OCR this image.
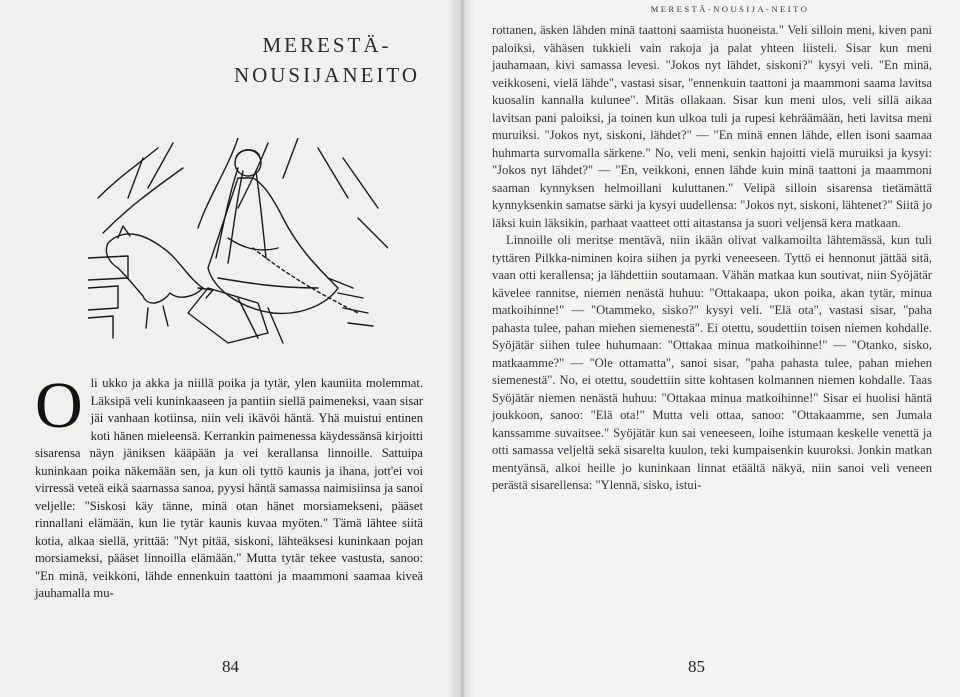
MERESTÄ-
NOUSIJANEITO
O li ukko ja akka ja niillä poika ja tytär, ylen kauniita molemmat. Läksipä veli kuninkaaseen ja pantiin siellä paimeneksi, vaan sisar jäi vanhaan kotiinsa, niin veli ikävöi häntä. Yhä muistui entinen koti hänen mieleensä. Kerrankin paimenessa käydessänsä kirjoitti sisarensa näyn jäniksen kääpään ja vei kerallansa linnoille. Sattuipa kuninkaan poika näkemään sen, ja kun oli tyttö kaunis ja ihana, jott'ei voi virressä veteä eikä saarnassa sanoa, pyysi häntä samassa naimisiinsa ja sanoi veljelle: "Siskosi käy tänne, minä otan hänet morsiamekseni, pääset rinnallani elämään, kun lie tytär kaunis kuvaa myöten." Tämä lähtee siitä kotia, alkaa siellä, yrittää: "Nyt pitää, siskoni, lähteäksesi kuninkaan pojan morsiameksi, pääset linnoilla elämään." Mutta tytär tekee vastusta, sanoo: "En minä, veikkoni, lähde ennenkuin taattoni ja maammoni saamaa kiveä jauhamalla mu-

84
MERESTÄ-NOUSIJA-NEITO

rottanen, äsken lähden minä taattoni saamista huoneista." Veli silloin meni, kiven pani paloiksi, vähäsen tukkieli vain rakoja ja palat yhteen liisteli. Sisar kun meni jauhamaan, kivi samassa levesi. "Jokos nyt lähdet, siskoni?" kysyi veli. "En minä, veikkoseni, vielä lähde", vastasi sisar, "ennenkuin taattoni ja maammoni saama lavitsa kuosalin kannalla kulunee". Mitäs ollakaan. Sisar kun meni ulos, veli sillä aikaa lavitsan pani paloiksi, ja toinen kun ulkoa tuli ja rupesi kehräämään, heti lavitsa meni muruiksi. "Jokos nyt, siskoni, lähdet?" — "En minä ennen lähde, ellen isoni saamaa huhmarta survomalla särkene." No, veli meni, senkin hajoitti vielä muruiksi ja kysyi: "Jokos nyt lähdet?" — "En, veikkoni, ennen lähde kuin minä taattoni ja maammoni saaman kynnyksen helmoillani kuluttanen." Velipä silloin sisarensa tietämättä kynnyksenkin samatse särki ja kysyi uudellensa: "Jokos nyt, siskoni, lähtenet?" Siitä jo läksi kuin läksikin, parhaat vaatteet otti aitastansa ja suori veljensä kera matkaan.

Linnoille oli meritse mentävä, niin ikään olivat valkamoilta lähtemässä, kun tuli tyttären Pilkka-niminen koira siihen ja pyrki veneeseen. Tyttö ei hennonut jättää sitä, vaan otti kerallensa; ja lähdettiin soutamaan. Vähän matkaa kun soutivat, niin Syöjätär kävelee rannitse, niemen nenästä huhuu: "Ottakaapa, ukon poika, akan tytär, minua matkoihinne!" — "Otammeko, sisko?" kysyi veli. "Elä ota", vastasi sisar, "paha pahasta tulee, pahan miehen siemenestä". Ei otettu, soudettiin toisen niemen kohdalle. Syöjätär siihen tulee huhumaan: "Ottakaa minua matkoihinne!" — "Otanko, sisko, matkaamme?" — "Ole ottamatta", sanoi sisar, "paha pahasta tulee, pahan miehen siemenestä". No, ei otettu, soudettiin sitte kohtasen kolmannen niemen kohdalle. Taas Syöjätär niemen nenästä huhuu: "Ottakaa minua matkoihinne!" Sisar ei huolisi häntä joukkoon, sanoo: "Elä ota!" Mutta veli ottaa, sanoo: "Ottakaamme, sen Jumala kanssamme suvaitsee." Syöjätär kun sai veneeseen, loihe istumaan keskelle venettä ja otti samassa veljeltä sekä sisarelta kuulon, teki kumpaisenkin kuuroksi. Jonkin matkan mentyänsä, alkoi heille jo kuninkaan linnat etäältä näkyä, niin sanoi veli veneen perästä sisarellensa: "Ylennä, sisko, istui-

85
